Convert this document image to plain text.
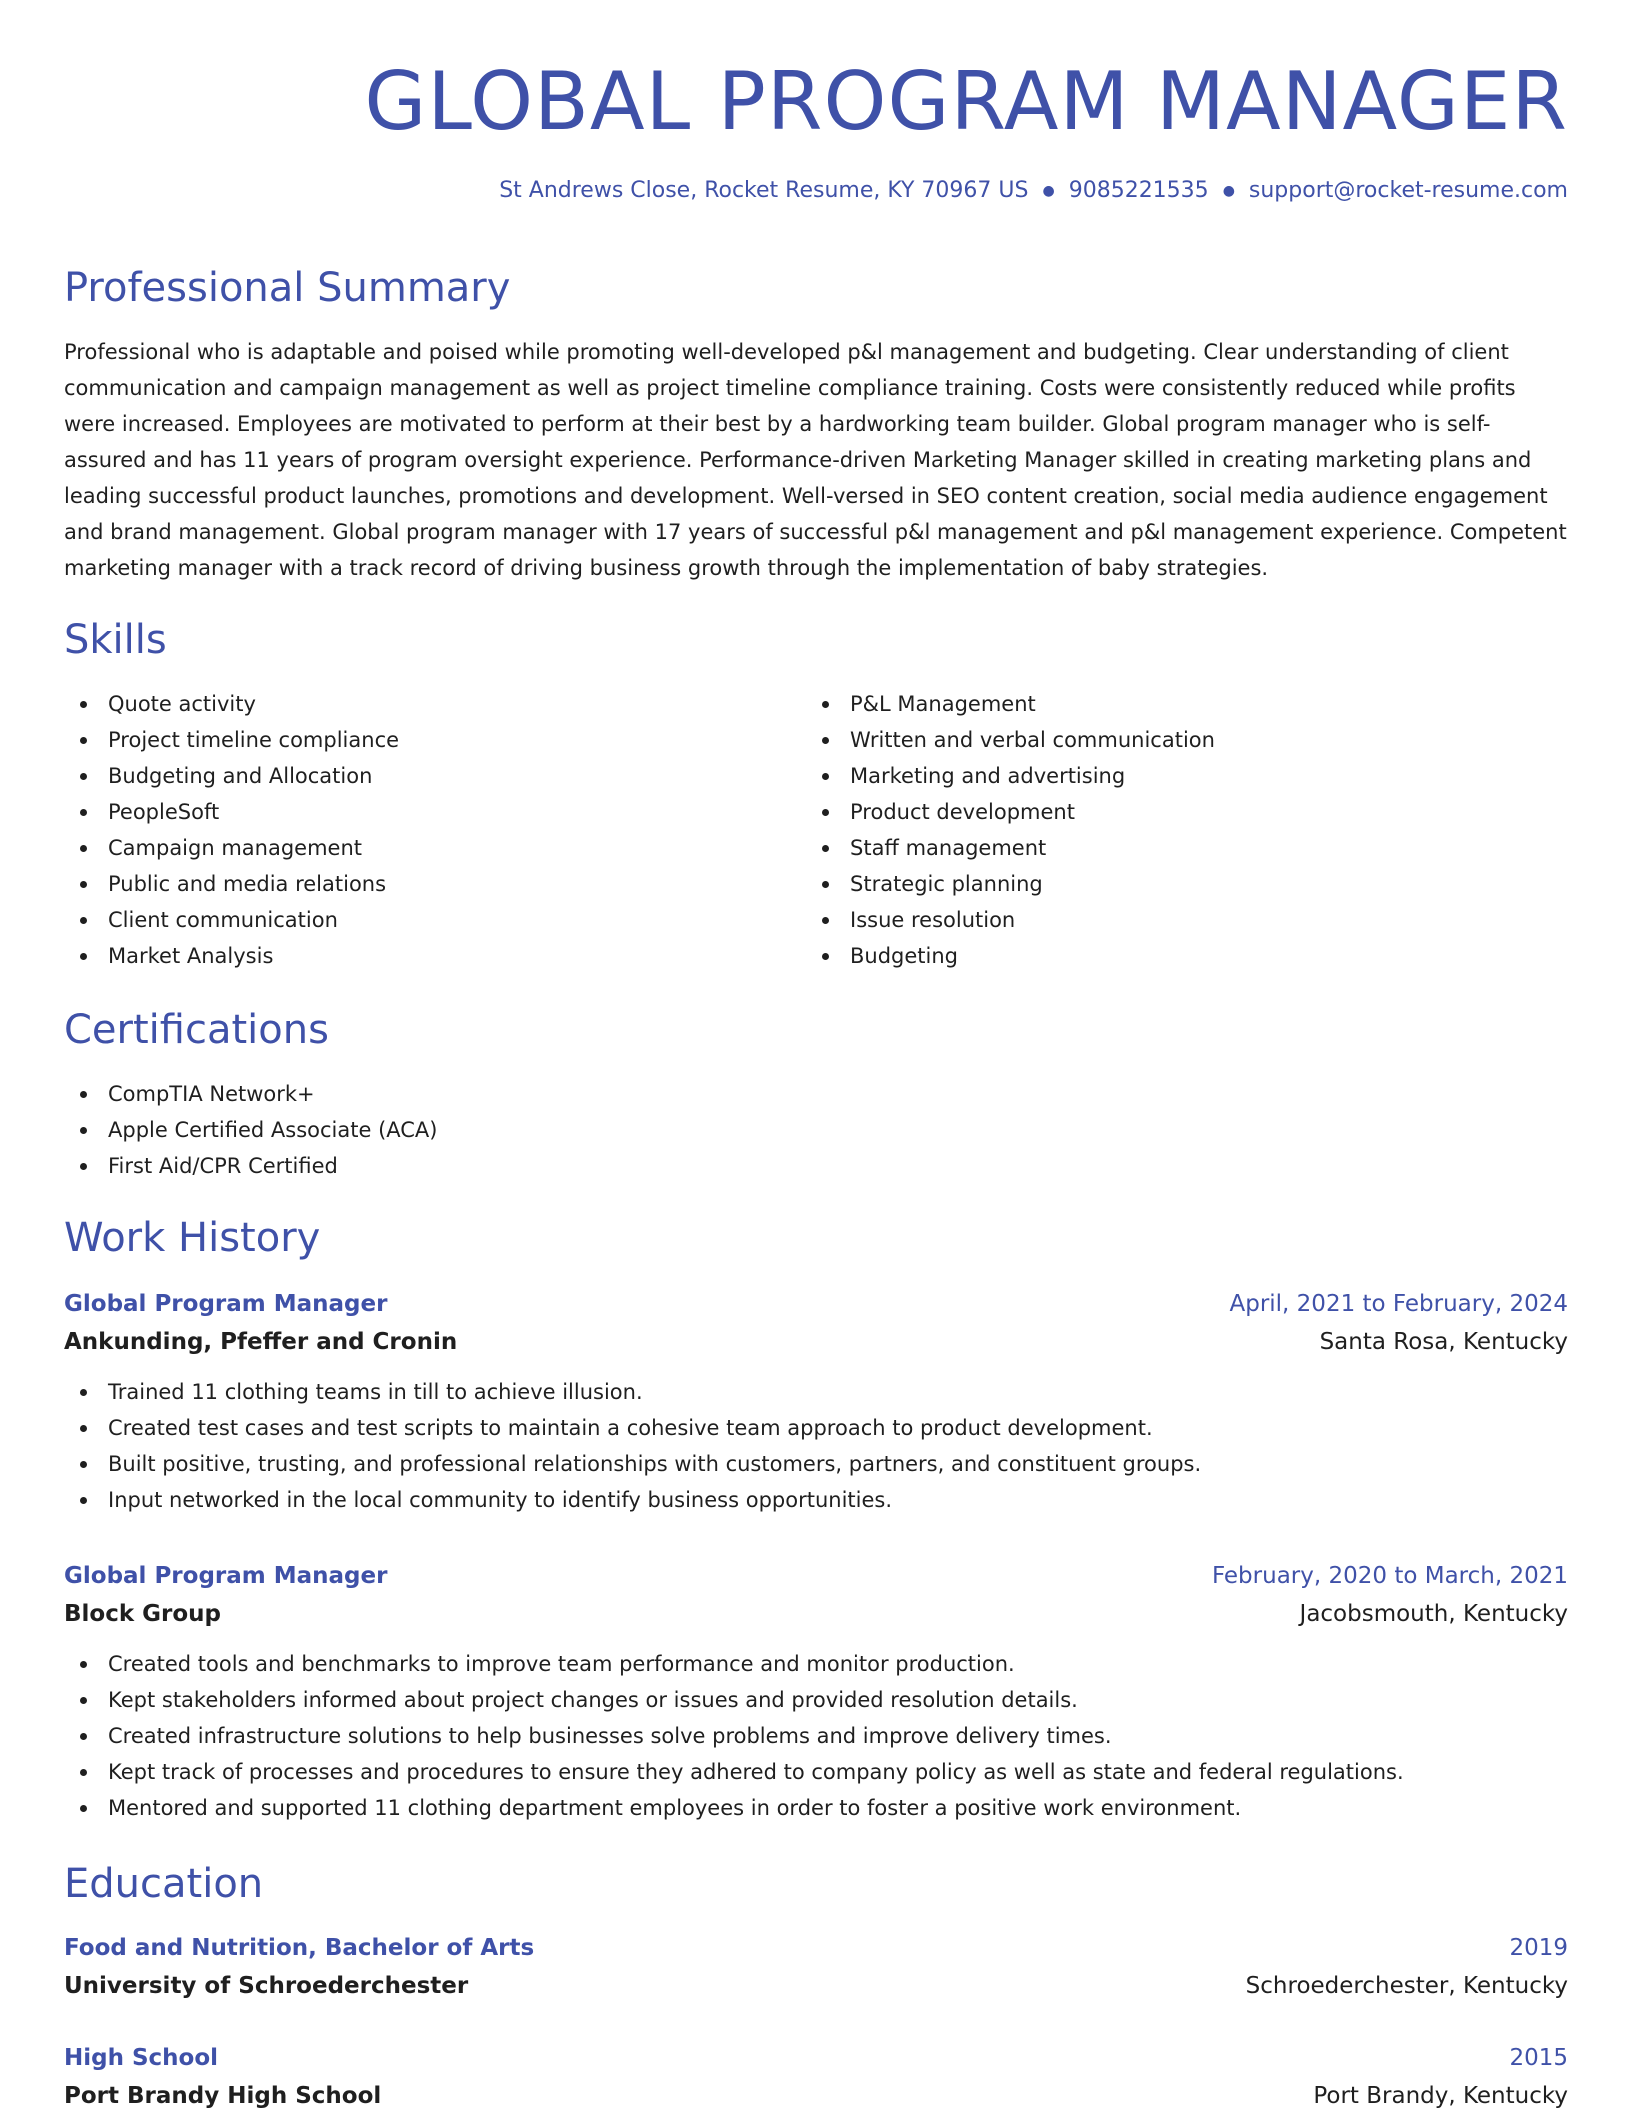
GLOBAL PROGRAM MANAGER
St Andrews Close, Rocket Resume, KY 70967 US ● 9085221535 ● support@rocket-resume.com
Professional Summary

Professional who is adaptable and poised while promoting well-developed p&l management and budgeting. Clear understanding of client communication and campaign management as well as project timeline compliance training. Costs were consistently reduced while profits were increased. Employees are motivated to perform at their best by a hardworking team builder. Global program manager who is self-assured and has 11 years of program oversight experience. Performance-driven Marketing Manager skilled in creating marketing plans and leading successful product launches, promotions and development. Well-versed in SEO content creation, social media audience engagement and brand management. Global program manager with 17 years of successful p&l management and p&l management experience. Competent marketing manager with a track record of driving business growth through the implementation of baby strategies.

Skills
Quote activity
Project timeline compliance
Budgeting and Allocation
PeopleSoft
Campaign management
Public and media relations
Client communication
Market Analysis
P&L Management
Written and verbal communication
Marketing and advertising
Product development
Staff management
Strategic planning
Issue resolution
Budgeting
Certifications
CompTIA Network+
Apple Certified Associate (ACA)
First Aid/CPR Certified
Work History
Global Program Manager	April, 2021 to February, 2024
Ankunding, Pfeffer and Cronin	Santa Rosa, Kentucky
Trained 11 clothing teams in till to achieve illusion.
Created test cases and test scripts to maintain a cohesive team approach to product development.
Built positive, trusting, and professional relationships with customers, partners, and constituent groups.
Input networked in the local community to identify business opportunities.
Global Program Manager	February, 2020 to March, 2021
Block Group	Jacobsmouth, Kentucky
Created tools and benchmarks to improve team performance and monitor production.
Kept stakeholders informed about project changes or issues and provided resolution details.
Created infrastructure solutions to help businesses solve problems and improve delivery times.
Kept track of processes and procedures to ensure they adhered to company policy as well as state and federal regulations.
Mentored and supported 11 clothing department employees in order to foster a positive work environment.
Education
Food and Nutrition, Bachelor of Arts	2019
University of Schroederchester	Schroederchester, Kentucky
High School	2015
Port Brandy High School	Port Brandy, Kentucky
